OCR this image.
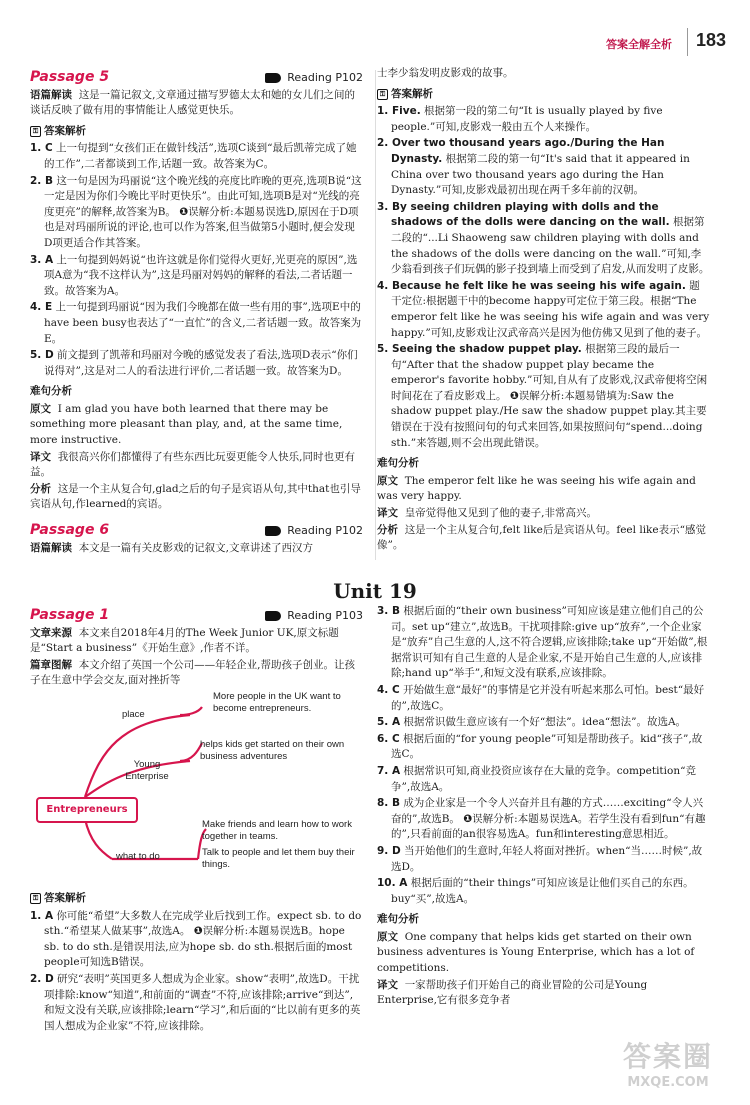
答案全解全析 183
Passage 5	Reading P102

语篇解读 这是一篇记叙文,文章通过描写罗德太太和她的女儿们之间的谈话反映了做有用的事情能让人感觉更快乐。

⚿ 答案解析

1. C 上一句提到“女孩们正在做针线活”,选项C谈到“最后凯蒂完成了她的工作”,二者都谈到工作,话题一致。故答案为C。

2. B 这一句是因为玛丽说“这个晚光线的亮度比昨晚的更亮,选项B说“这一定是因为你们今晚比平时更快乐”。由此可知,选项B是对“光线的亮度更亮”的解释,故答案为B。 ❶误解分析:本题易误选D,原因在于D项也是对玛丽所说的评论,也可以作为答案,但当做第5小题时,便会发现D项更适合作其答案。

3. A 上一句提到妈妈说“也许这就是你们觉得火更好,光更亮的原因”,选项A意为“我不这样认为”,这是玛丽对妈妈的解释的看法,二者话题一致。故答案为A。

4. E 上一句提到玛丽说“因为我们今晚都在做一些有用的事”,选项E中的have been busy也表达了“一直忙”的含义,二者话题一致。故答案为E。

5. D 前文提到了凯蒂和玛丽对今晚的感觉发表了看法,选项D表示“你们说得对”,这是对二人的看法进行评价,二者话题一致。故答案为D。

难句分析

原文 I am glad you have both learned that there may be something more pleasant than play, and, at the same time, more instructive.

译文 我很高兴你们都懂得了有些东西比玩耍更能令人快乐,同时也更有益。

分析 这是一个主从复合句,glad之后的句子是宾语从句,其中that也引导宾语从句,作learned的宾语。

Passage 6	Reading P102

语篇解读 本文是一篇有关皮影戏的记叙文,文章讲述了西汉方

士李少翁发明皮影戏的故事。

⚿ 答案解析

1. Five. 根据第一段的第二句“It is usually played by five people.”可知,皮影戏一般由五个人来操作。

2. Over two thousand years ago./During the Han Dynasty. 根据第二段的第一句“It's said that it appeared in China over two thousand years ago during the Han Dynasty.”可知,皮影戏最初出现在两千多年前的汉朝。

3. By seeing children playing with dolls and the shadows of the dolls were dancing on the wall. 根据第二段的“...Li Shaoweng saw children playing with dolls and the shadows of the dolls were dancing on the wall.”可知,李少翁看到孩子们玩偶的影子投到墙上而受到了启发,从而发明了皮影。

4. Because he felt like he was seeing his wife again. 题干定位:根据题干中的become happy可定位于第三段。根据“The emperor felt like he was seeing his wife again and was very happy.”可知,皮影戏让汉武帝高兴是因为他仿佛又见到了他的妻子。

5. Seeing the shadow puppet play. 根据第三段的最后一句“After that the shadow puppet play became the emperor's favorite hobby.”可知,自从有了皮影戏,汉武帝便将空闲时间花在了看皮影戏上。 ❶误解分析:本题易错填为:Saw the shadow puppet play./He saw the shadow puppet play.其主要错误在于没有按照问句的句式来回答,如果按照问句“spend...doing sth.”来答题,则不会出现此错误。

难句分析

原文 The emperor felt like he was seeing his wife again and was very happy.

译文 皇帝觉得他又见到了他的妻子,非常高兴。

分析 这是一个主从复合句,felt like后是宾语从句。feel like表示“感觉像”。

Unit 19
Passage 1	Reading P103

文章来源 本文来自2018年4月的The Week Junior UK,原文标题是“Start a business”《开始生意》,作者不详。

篇章图解 本文介绍了英国一个公司——年轻企业,帮助孩子创业。让孩子在生意中学会交友,面对挫折等

place
More people in the UK want to become entrepreneurs.
Young Enterprise
helps kids get started on their own business adventures
Entrepreneurs
what to do
Make friends and learn how to work together in teams.
Talk to people and let them buy their things.
⚿ 答案解析

1. A 你可能“希望”大多数人在完成学业后找到工作。expect sb. to do sth.“希望某人做某事”,故选A。 ❶误解分析:本题易误选B。hope sb. to do sth.是错误用法,应为hope sb. do sth.根据后面的most people可知选B错误。

2. D 研究“表明”英国更多人想成为企业家。show“表明”,故选D。干扰项排除:know“知道”,和前面的“调查”不符,应该排除;arrive“到达”,和短文没有关联,应该排除;learn“学习”,和后面的“比以前有更多的英国人想成为企业家”不符,应该排除。

3. B 根据后面的“their own business”可知应该是建立他们自己的公司。set up“建立”,故选B。干扰项排除:give up“放弃”,一个企业家是“放弃”自己生意的人,这不符合逻辑,应该排除;take up“开始做”,根据常识可知有自己生意的人是企业家,不是开始自己生意的人,应该排除;hand up“举手”,和短文没有联系,应该排除。

4. C 开始做生意“最好”的事情是它并没有听起来那么可怕。best“最好的”,故选C。

5. A 根据常识做生意应该有一个好“想法”。idea“想法”。故选A。

6. C 根据后面的“for young people”可知是帮助孩子。kid“孩子”,故选C。

7. A 根据常识可知,商业投资应该存在大量的竞争。competition“竞争”,故选A。

8. B 成为企业家是一个令人兴奋并且有趣的方式……exciting“令人兴奋的”,故选B。 ❶误解分析:本题易误选A。若学生没有看到fun“有趣的”,只看前面的an很容易选A。fun和interesting意思相近。

9. D 当开始他们的生意时,年轻人将面对挫折。when“当……时候”,故选D。

10. A 根据后面的“their things”可知应该是让他们买自己的东西。buy“买”,故选A。

难句分析

原文 One company that helps kids get started on their own business adventures is Young Enterprise, which has a lot of competitions.

译文 一家帮助孩子们开始自己的商业冒险的公司是Young Enterprise,它有很多竞争者

答案圈
MXQE.COM
